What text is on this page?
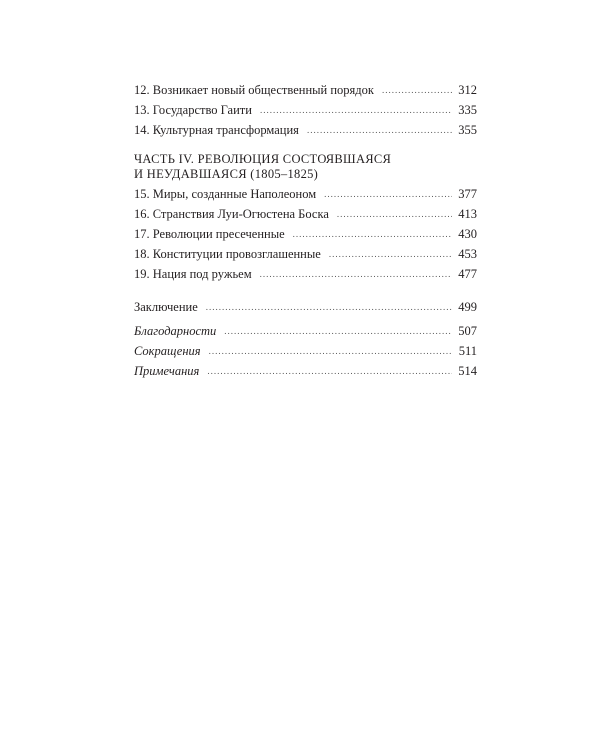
12. Возникает новый общественный порядок .....	312
13. Государство Гаити .....	335
14. Культурная трансформация .....	355
ЧАСТЬ IV. РЕВОЛЮЦИЯ СОСТОЯВШАЯСЯ
И НЕУДАВШАЯСЯ (1805–1825)
15. Миры, созданные Наполеоном .....	377
16. Странствия Луи-Огюстена Боска .....	413
17. Революции пресеченные .....	430
18. Конституции провозглашенные .....	453
19. Нация под ружьем .....	477
Заключение .....	499
Благодарности .....	507
Сокращения .....	511
Примечания .....	514
